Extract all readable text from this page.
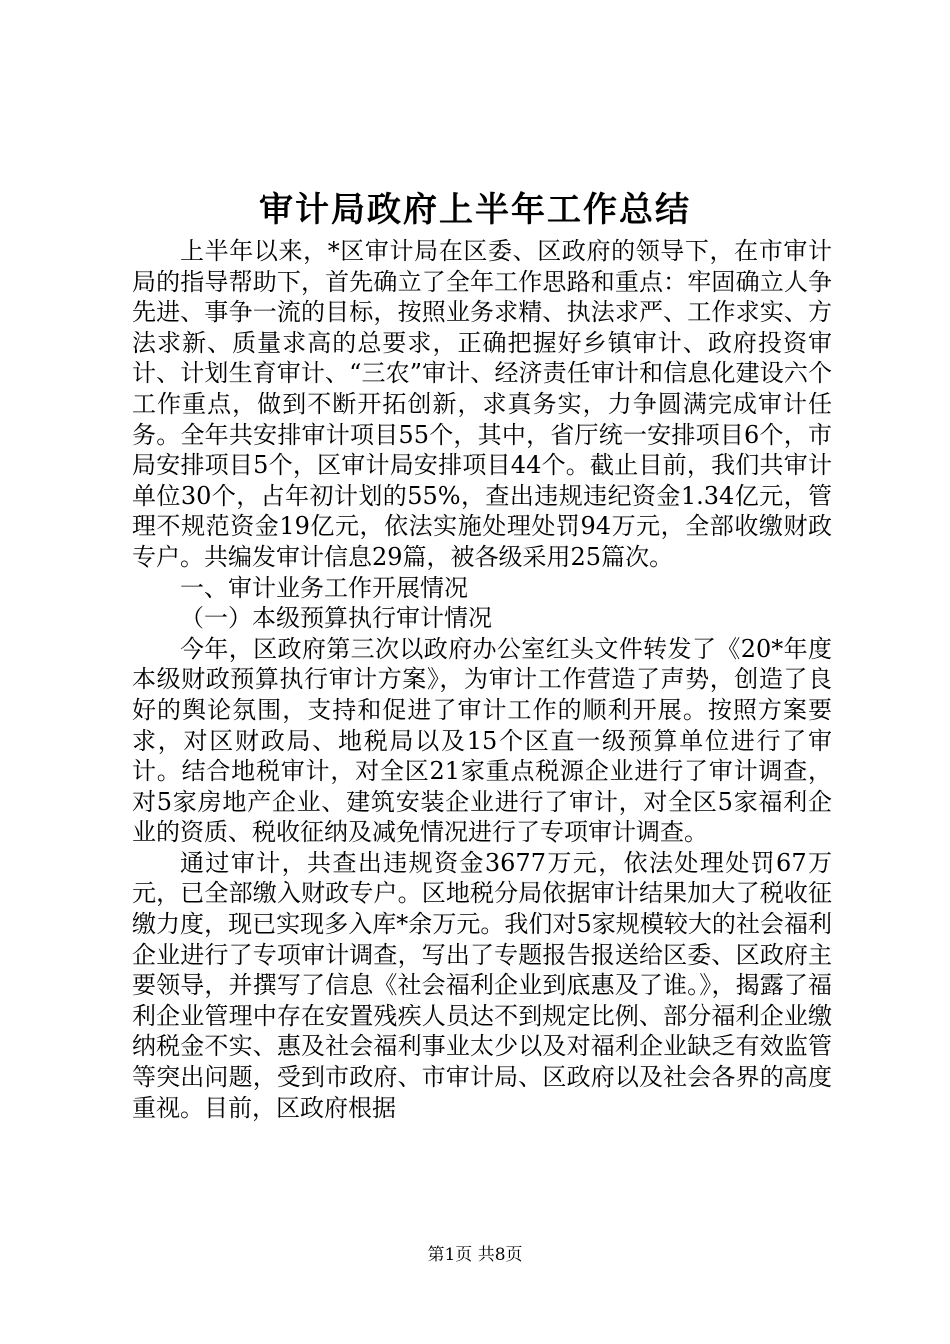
审计局政府上半年工作总结

上半年以来，*区审计局在区委、区政府的领导下，在市审计局的指导帮助下，首先确立了全年工作思路和重点：牢固确立人争先进、事争一流的目标，按照业务求精、执法求严、工作求实、方法求新、质量求高的总要求，正确把握好乡镇审计、政府投资审计、计划生育审计、“三农”审计、经济责任审计和信息化建设六个工作重点，做到不断开拓创新，求真务实，力争圆满完成审计任务。全年共安排审计项目55个，其中，省厅统一安排项目6个，市局安排项目5个，区审计局安排项目44个。截止目前，我们共审计单位30个，占年初计划的55%，查出违规违纪资金1.34亿元，管理不规范资金19亿元，依法实施处理处罚94万元，全部收缴财政专户。共编发审计信息29篇，被各级采用25篇次。

一、审计业务工作开展情况

（一）本级预算执行审计情况

今年，区政府第三次以政府办公室红头文件转发了《20*年度本级财政预算执行审计方案》，为审计工作营造了声势，创造了良好的舆论氛围，支持和促进了审计工作的顺利开展。按照方案要求，对区财政局、地税局以及15个区直一级预算单位进行了审计。结合地税审计，对全区21家重点税源企业进行了审计调查，对5家房地产企业、建筑安装企业进行了审计，对全区5家福利企业的资质、税收征纳及减免情况进行了专项审计调查。

通过审计，共查出违规资金3677万元，依法处理处罚67万元，已全部缴入财政专户。区地税分局依据审计结果加大了税收征缴力度，现已实现多入库*余万元。我们对5家规模较大的社会福利企业进行了专项审计调查，写出了专题报告报送给区委、区政府主要领导，并撰写了信息《社会福利企业到底惠及了谁。》，揭露了福利企业管理中存在安置残疾人员达不到规定比例、部分福利企业缴纳税金不实、惠及社会福利事业太少以及对福利企业缺乏有效监管等突出问题，受到市政府、市审计局、区政府以及社会各界的高度重视。目前，区政府根据

第1页 共8页
